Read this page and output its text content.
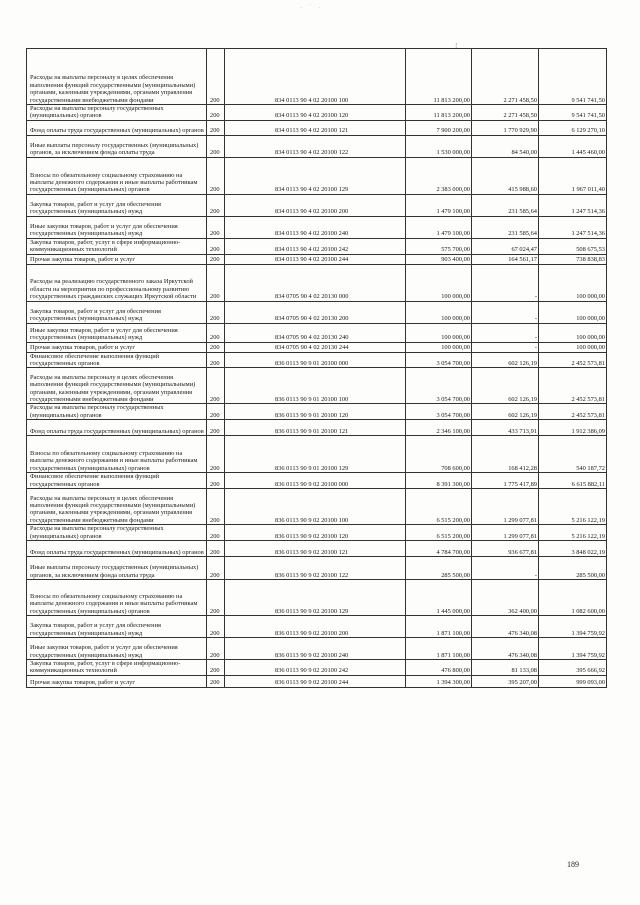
· ˙ ·
¦
Расходы на выплаты персоналу в целях обеспечения выполнения функций государственными (муниципальными) органами, казенными учреждениями, органами управления государственными внебюджетными фондами	200	834 0113 90 4 02 20100 100	11 813 200,00	2 271 458,50	9 541 741,50
Расходы на выплаты персоналу государственных (муниципальных) органов	200	834 0113 90 4 02 20100 120	11 813 200,00	2 271 458,50	9 541 741,50
Фонд оплаты труда государственных (муниципальных) органов	200	834 0113 90 4 02 20100 121	7 900 200,00	1 770 929,90	6 129 270,10
Иные выплаты персоналу государственных (муниципальных) органов, за исключением фонда оплаты труда	200	834 0113 90 4 02 20100 122	1 530 000,00	84 540,00	1 445 460,00
Взносы по обязательному социальному страхованию на выплаты денежного содержания и иные выплаты работникам государственных (муниципальных) органов	200	834 0113 90 4 02 20100 129	2 383 000,00	415 988,60	1 967 011,40
Закупка товаров, работ и услуг для обеспечения государственных (муниципальных) нужд	200	834 0113 90 4 02 20100 200	1 479 100,00	231 585,64	1 247 514,36
Иные закупки товаров, работ и услуг для обеспечения государственных (муниципальных) нужд	200	834 0113 90 4 02 20100 240	1 479 100,00	231 585,64	1 247 514,36
Закупка товаров, работ, услуг в сфере информационно-коммуникационных технологий	200	834 0113 90 4 02 20100 242	575 700,00	67 024,47	508 675,53
Прочая закупка товаров, работ и услуг	200	834 0113 90 4 02 20100 244	903 400,00	164 561,17	738 838,83
Расходы на реализацию государственного заказа Иркутской области на мероприятия по профессиональному развитию государственных гражданских служащих Иркутской области	200	834 0705 90 4 02 20130 000	100 000,00	-	100 000,00
Закупка товаров, работ и услуг для обеспечения государственных (муниципальных) нужд	200	834 0705 90 4 02 20130 200	100 000,00	-	100 000,00
Иные закупки товаров, работ и услуг для обеспечения государственных (муниципальных) нужд	200	834 0705 90 4 02 20130 240	100 000,00	-	100 000,00
Прочая закупка товаров, работ и услуг	200	834 0705 90 4 02 20130 244	100 000,00	-	100 000,00
Финансовое обеспечение выполнения функций государственных органов	200	836 0113 90 9 01 20100 000	3 054 700,00	602 126,19	2 452 573,81
Расходы на выплаты персоналу в целях обеспечения выполнения функций государственными (муниципальными) органами, казенными учреждениями, органами управления государственными внебюджетными фондами	200	836 0113 90 9 01 20100 100	3 054 700,00	602 126,19	2 452 573,81
Расходы на выплаты персоналу государственных (муниципальных) органов	200	836 0113 90 9 01 20100 120	3 054 700,00	602 126,19	2 452 573,81
Фонд оплаты труда государственных (муниципальных) органов	200	836 0113 90 9 01 20100 121	2 346 100,00	433 713,91	1 912 386,09
Взносы по обязательному социальному страхованию на выплаты денежного содержания и иные выплаты работникам государственных (муниципальных) органов	200	836 0113 90 9 01 20100 129	708 600,00	168 412,28	540 187,72
Финансовое обеспечение выполнения функций государственных органов	200	836 0113 90 9 02 20100 000	8 391 300,00	1 775 417,89	6 615 882,11
Расходы на выплаты персоналу в целях обеспечения выполнения функций государственными (муниципальными) органами, казенными учреждениями, органами управления государственными внебюджетными фондами	200	836 0113 90 9 02 20100 100	6 515 200,00	1 299 077,81	5 216 122,19
Расходы на выплаты персоналу государственных (муниципальных) органов	200	836 0113 90 9 02 20100 120	6 515 200,00	1 299 077,81	5 216 122,19
Фонд оплаты труда государственных (муниципальных) органов	200	836 0113 90 9 02 20100 121	4 784 700,00	936 677,81	3 848 022,19
Иные выплаты персоналу государственных (муниципальных) органов, за исключением фонда оплаты труда	200	836 0113 90 9 02 20100 122	285 500,00	-	285 500,00
Взносы по обязательному социальному страхованию на выплаты денежного содержания и иные выплаты работникам государственных (муниципальных) органов	200	836 0113 90 9 02 20100 129	1 445 000,00	362 400,00	1 082 600,00
Закупка товаров, работ и услуг для обеспечения государственных (муниципальных) нужд	200	836 0113 90 9 02 20100 200	1 871 100,00	476 340,08	1 394 759,92
Иные закупки товаров, работ и услуг для обеспечения государственных (муниципальных) нужд	200	836 0113 90 9 02 20100 240	1 871 100,00	476 340,08	1 394 759,92
Закупка товаров, работ, услуг в сфере информационно-коммуникационных технологий	200	836 0113 90 9 02 20100 242	476 800,00	81 133,08	395 666,92
Прочая закупка товаров, работ и услуг	200	836 0113 90 9 02 20100 244	1 394 300,00	395 207,00	999 093,00
189
